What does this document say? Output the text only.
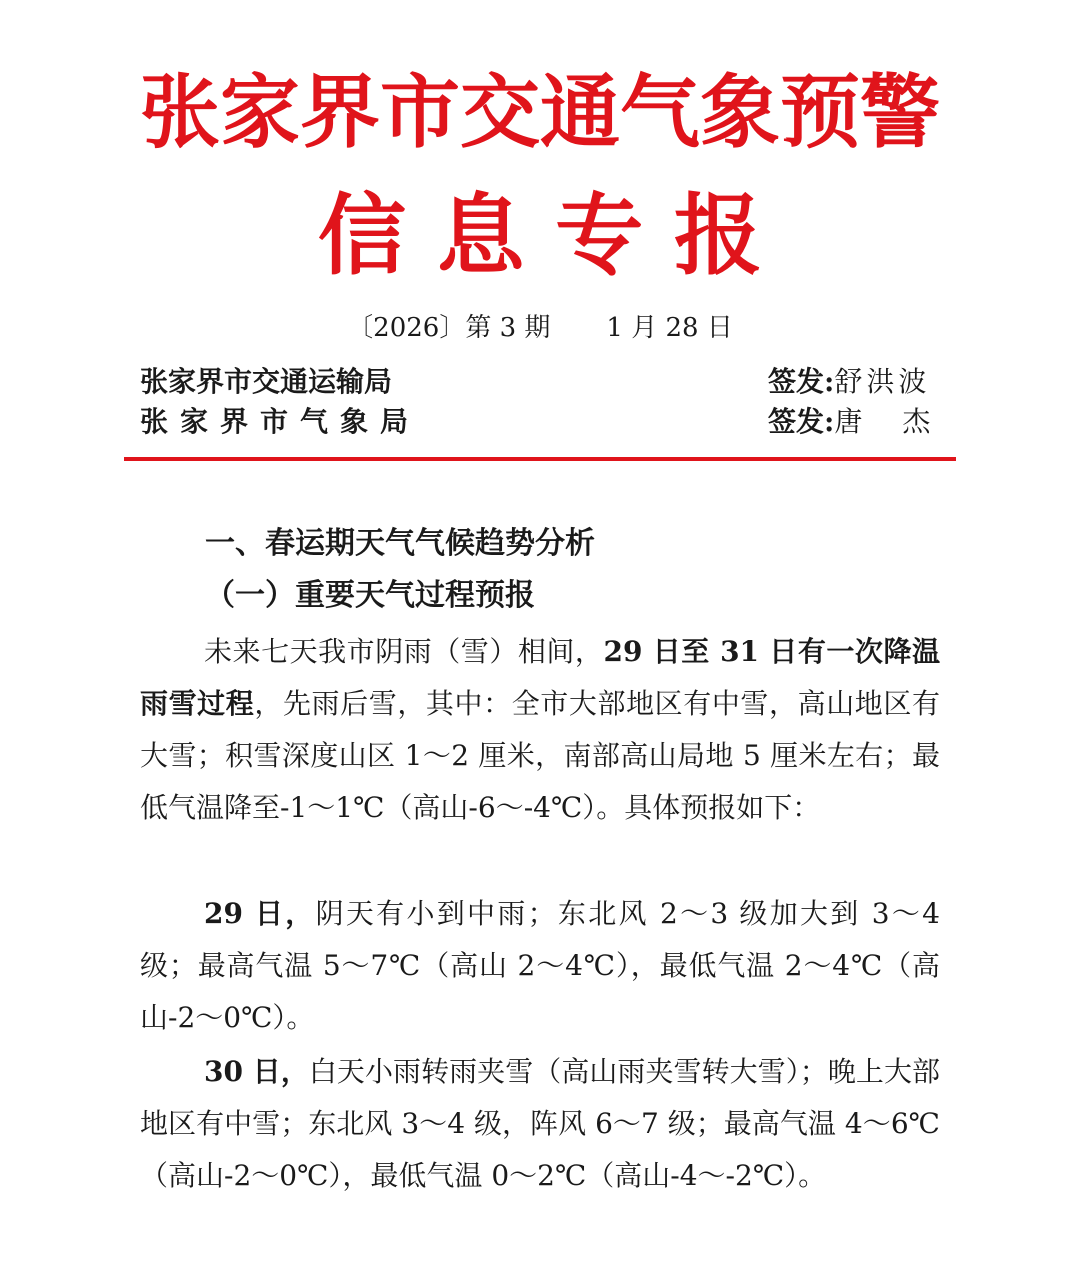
张家界市交通气象预警
信 息 专 报
〔2026〕第 3 期 1 月 28 日
张家界市交通运输局
张家界市气象局
签发:舒洪波
签发:唐杰
一、春运期天气气候趋势分析
（一）重要天气过程预报

未来七天我市阴雨（雪）相间，29 日至 31 日有一次降温雨雪过程，先雨后雪，其中：全市大部地区有中雪，高山地区有大雪；积雪深度山区 1～2 厘米，南部高山局地 5 厘米左右；最低气温降至-1～1℃（高山-6～-4℃）。具体预报如下：

29 日，阴天有小到中雨；东北风 2～3 级加大到 3～4 级；最高气温 5～7℃（高山 2～4℃），最低气温 2～4℃（高山-2～0℃）。

30 日，白天小雨转雨夹雪（高山雨夹雪转大雪）；晚上大部地区有中雪；东北风 3～4 级，阵风 6～7 级；最高气温 4～6℃（高山-2～0℃），最低气温 0～2℃（高山-4～-2℃）。
